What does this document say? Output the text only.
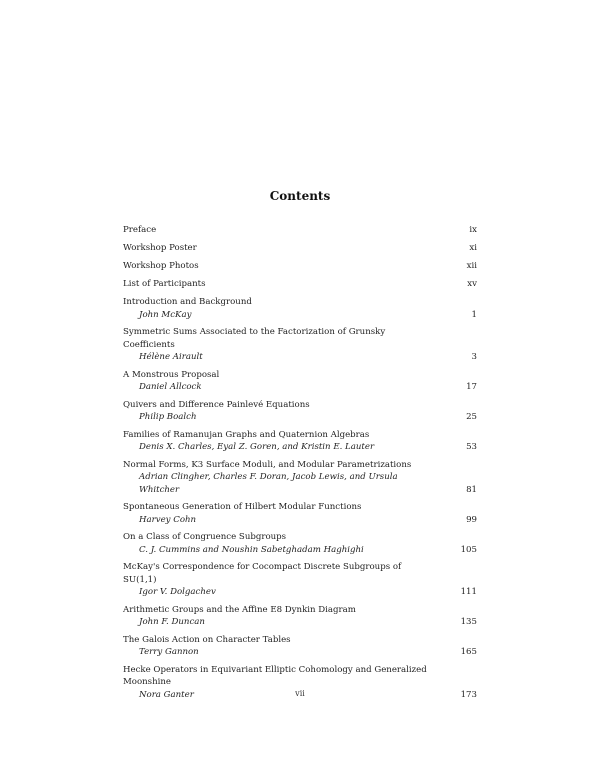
Contents
Preface	ix
Workshop Poster	xi
Workshop Photos	xii
List of Participants	xv
Introduction and Background
John McKay	1
Symmetric Sums Associated to the Factorization of Grunsky Coefficients
Hélène Airault	3
A Monstrous Proposal
Daniel Allcock	17
Quivers and Difference Painlevé Equations
Philip Boalch	25
Families of Ramanujan Graphs and Quaternion Algebras
Denis X. Charles, Eyal Z. Goren, and Kristin E. Lauter	53
Normal Forms, K3 Surface Moduli, and Modular Parametrizations
Adrian Clingher, Charles F. Doran, Jacob Lewis, and Ursula Whitcher	81
Spontaneous Generation of Hilbert Modular Functions
Harvey Cohn	99
On a Class of Congruence Subgroups
C. J. Cummins and Noushin Sabetghadam Haghighi	105
McKay's Correspondence for Cocompact Discrete Subgroups of SU(1,1)
Igor V. Dolgachev	111
Arithmetic Groups and the Affine E8 Dynkin Diagram
John F. Duncan	135
The Galois Action on Character Tables
Terry Gannon	165
Hecke Operators in Equivariant Elliptic Cohomology and Generalized Moonshine
Nora Ganter	173
vii
